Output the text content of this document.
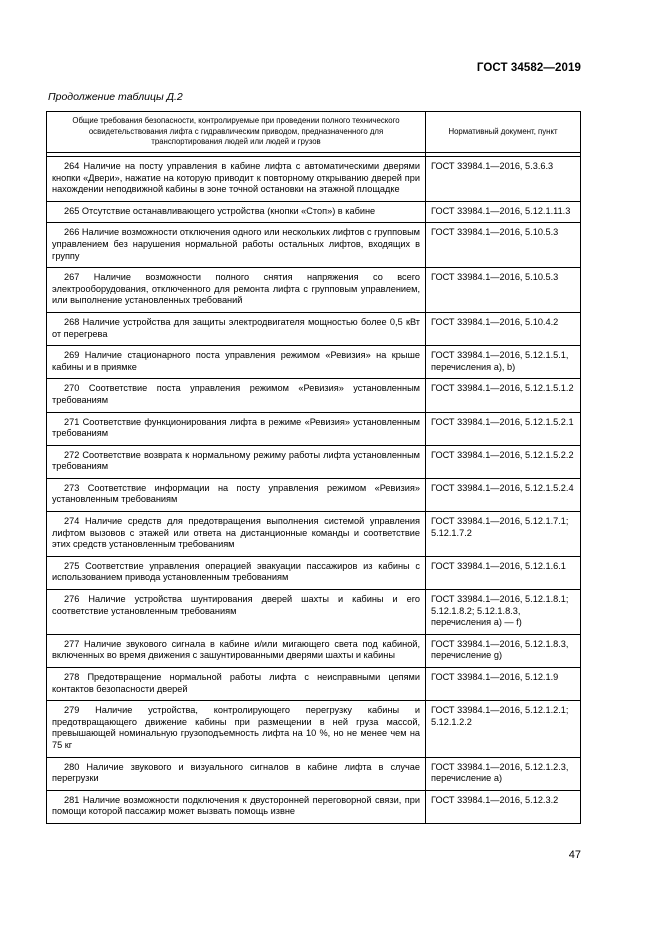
ГОСТ 34582—2019
Продолжение таблицы Д.2
Общие требования безопасности, контролируемые при проведении полного технического освидетельствования лифта с гидравлическим приводом, предназначенного для транспортирования людей или людей и грузов	Нормативный документ, пункт

264 Наличие на посту управления в кабине лифта с автоматическими дверями кнопки «Двери», нажатие на которую приводит к повторному открыванию дверей при нахождении неподвижной кабины в зоне точной остановки на этажной площадке	ГОСТ 33984.1—2016, 5.3.6.3

265 Отсутствие останавливающего устройства (кнопки «Стоп») в кабине	ГОСТ 33984.1—2016, 5.12.1.11.3

266 Наличие возможности отключения одного или нескольких лифтов с групповым управлением без нарушения нормальной работы остальных лифтов, входящих в группу	ГОСТ 33984.1—2016, 5.10.5.3

267 Наличие возможности полного снятия напряжения со всего электрооборудования, отключенного для ремонта лифта с групповым управлением, или выполнение установленных требований	ГОСТ 33984.1—2016, 5.10.5.3

268 Наличие устройства для защиты электродвигателя мощностью более 0,5 кВт от перегрева	ГОСТ 33984.1—2016, 5.10.4.2

269 Наличие стационарного поста управления режимом «Ревизия» на крыше кабины и в приямке	ГОСТ 33984.1—2016, 5.12.1.5.1, перечисления a), b)

270 Соответствие поста управления режимом «Ревизия» установленным требованиям	ГОСТ 33984.1—2016, 5.12.1.5.1.2

271 Соответствие функционирования лифта в режиме «Ревизия» установленным требованиям	ГОСТ 33984.1—2016, 5.12.1.5.2.1

272 Соответствие возврата к нормальному режиму работы лифта установленным требованиям	ГОСТ 33984.1—2016, 5.12.1.5.2.2

273 Соответствие информации на посту управления режимом «Ревизия» установленным требованиям	ГОСТ 33984.1—2016, 5.12.1.5.2.4

274 Наличие средств для предотвращения выполнения системой управления лифтом вызовов с этажей или ответа на дистанционные команды и соответствие этих средств установленным требованиям	ГОСТ 33984.1—2016, 5.12.1.7.1; 5.12.1.7.2

275 Соответствие управления операцией эвакуации пассажиров из кабины с использованием привода установленным требованиям	ГОСТ 33984.1—2016, 5.12.1.6.1

276 Наличие устройства шунтирования дверей шахты и кабины и его соответствие установленным требованиям	ГОСТ 33984.1—2016, 5.12.1.8.1; 5.12.1.8.2; 5.12.1.8.3, перечисления a) — f)

277 Наличие звукового сигнала в кабине и/или мигающего света под кабиной, включенных во время движения с зашунтированными дверями шахты и кабины	ГОСТ 33984.1—2016, 5.12.1.8.3, перечисление g)

278 Предотвращение нормальной работы лифта с неисправными цепями контактов безопасности дверей	ГОСТ 33984.1—2016, 5.12.1.9

279 Наличие устройства, контролирующего перегрузку кабины и предотвращающего движение кабины при размещении в ней груза массой, превышающей номинальную грузоподъемность лифта на 10 %, но не менее чем на 75 кг	ГОСТ 33984.1—2016, 5.12.1.2.1; 5.12.1.2.2

280 Наличие звукового и визуального сигналов в кабине лифта в случае перегрузки	ГОСТ 33984.1—2016, 5.12.1.2.3, перечисление a)

281 Наличие возможности подключения к двусторонней переговорной связи, при помощи которой пассажир может вызвать помощь извне	ГОСТ 33984.1—2016, 5.12.3.2
47
